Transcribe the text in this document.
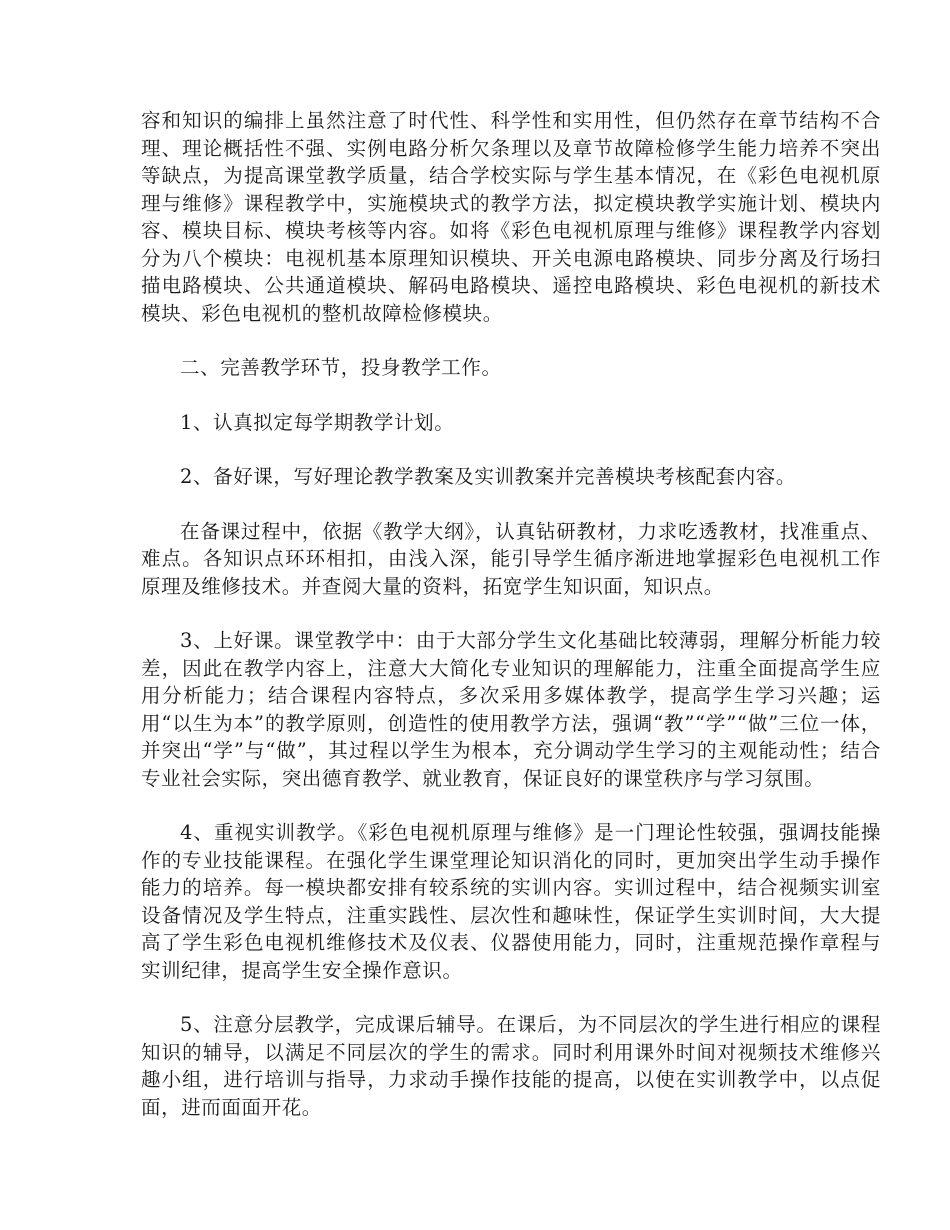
容和知识的编排上虽然注意了时代性、科学性和实用性，但仍然存在章节结构不合理、理论概括性不强、实例电路分析欠条理以及章节故障检修学生能力培养不突出等缺点，为提高课堂教学质量，结合学校实际与学生基本情况，在《彩色电视机原理与维修》课程教学中，实施模块式的教学方法，拟定模块教学实施计划、模块内容、模块目标、模块考核等内容。如将《彩色电视机原理与维修》课程教学内容划分为八个模块：电视机基本原理知识模块、开关电源电路模块、同步分离及行场扫描电路模块、公共通道模块、解码电路模块、遥控电路模块、彩色电视机的新技术模块、彩色电视机的整机故障检修模块。

二、完善教学环节，投身教学工作。

1、认真拟定每学期教学计划。

2、备好课，写好理论教学教案及实训教案并完善模块考核配套内容。

在备课过程中，依据《教学大纲》，认真钻研教材，力求吃透教材，找准重点、难点。各知识点环环相扣，由浅入深，能引导学生循序渐进地掌握彩色电视机工作原理及维修技术。并查阅大量的资料，拓宽学生知识面，知识点。

3、上好课。课堂教学中：由于大部分学生文化基础比较薄弱，理解分析能力较差，因此在教学内容上，注意大大简化专业知识的理解能力，注重全面提高学生应用分析能力；结合课程内容特点，多次采用多媒体教学，提高学生学习兴趣；运用“以生为本”的教学原则，创造性的使用教学方法，强调“教”“学”“做”三位一体，并突出“学”与“做”，其过程以学生为根本，充分调动学生学习的主观能动性；结合专业社会实际，突出德育教学、就业教育，保证良好的课堂秩序与学习氛围。

4、重视实训教学。《彩色电视机原理与维修》是一门理论性较强，强调技能操作的专业技能课程。在强化学生课堂理论知识消化的同时，更加突出学生动手操作能力的培养。每一模块都安排有较系统的实训内容。实训过程中，结合视频实训室设备情况及学生特点，注重实践性、层次性和趣味性，保证学生实训时间，大大提高了学生彩色电视机维修技术及仪表、仪器使用能力，同时，注重规范操作章程与实训纪律，提高学生安全操作意识。

5、注意分层教学，完成课后辅导。在课后，为不同层次的学生进行相应的课程知识的辅导，以满足不同层次的学生的需求。同时利用课外时间对视频技术维修兴趣小组，进行培训与指导，力求动手操作技能的提高，以使在实训教学中，以点促面，进而面面开花。
